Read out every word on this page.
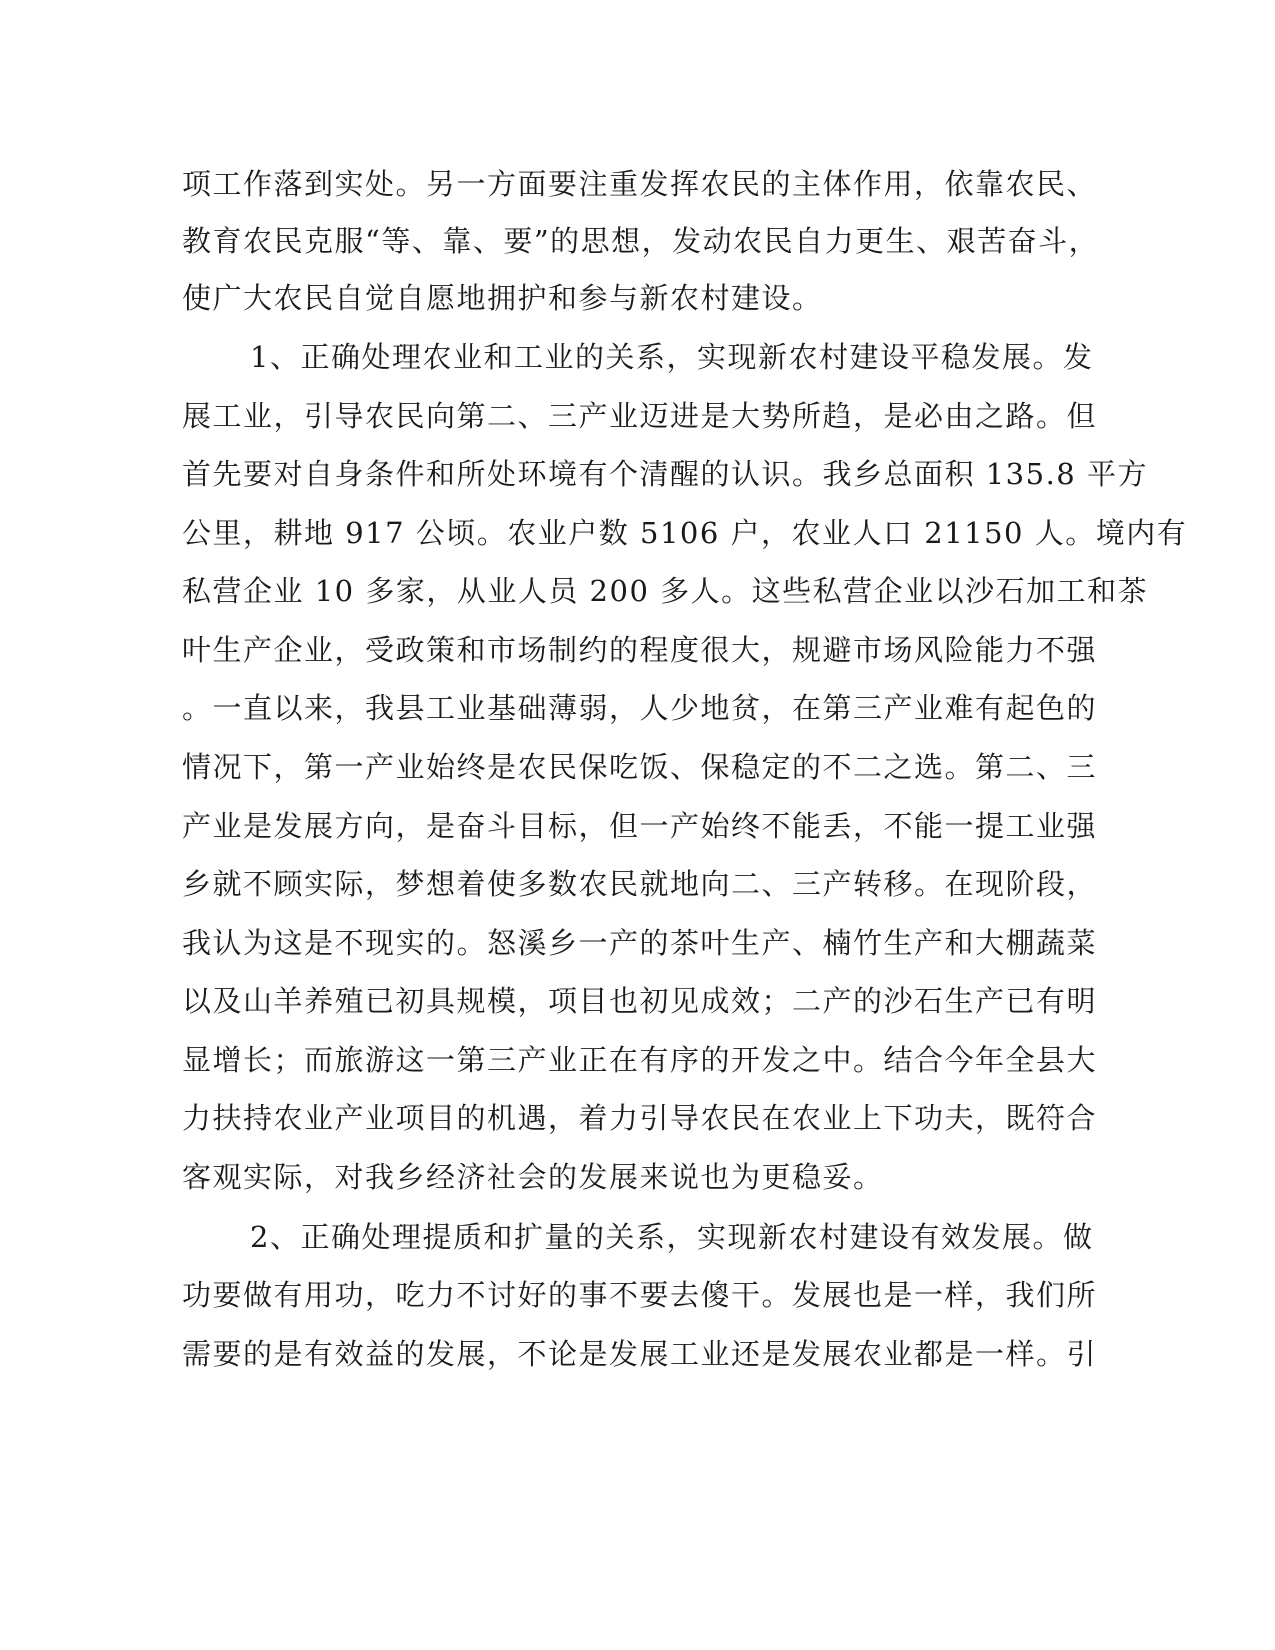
项工作落到实处。另一方面要注重发挥农民的主体作用，依靠农民、
教育农民克服“等、靠、要”的思想，发动农民自力更生、艰苦奋斗，
使广大农民自觉自愿地拥护和参与新农村建设。
1、正确处理农业和工业的关系，实现新农村建设平稳发展。发
展工业，引导农民向第二、三产业迈进是大势所趋，是必由之路。但
首先要对自身条件和所处环境有个清醒的认识。我乡总面积 135.8 平方
公里，耕地 917 公顷。农业户数 5106 户，农业人口 21150 人。境内有
私营企业 10 多家，从业人员 200 多人。这些私营企业以沙石加工和茶
叶生产企业，受政策和市场制约的程度很大，规避市场风险能力不强
。一直以来，我县工业基础薄弱，人少地贫，在第三产业难有起色的
情况下，第一产业始终是农民保吃饭、保稳定的不二之选。第二、三
产业是发展方向，是奋斗目标，但一产始终不能丢，不能一提工业强
乡就不顾实际，梦想着使多数农民就地向二、三产转移。在现阶段，
我认为这是不现实的。怒溪乡一产的茶叶生产、楠竹生产和大棚蔬菜
以及山羊养殖已初具规模，项目也初见成效；二产的沙石生产已有明
显增长；而旅游这一第三产业正在有序的开发之中。结合今年全县大
力扶持农业产业项目的机遇，着力引导农民在农业上下功夫，既符合
客观实际，对我乡经济社会的发展来说也为更稳妥。
2、正确处理提质和扩量的关系，实现新农村建设有效发展。做
功要做有用功，吃力不讨好的事不要去傻干。发展也是一样，我们所
需要的是有效益的发展，不论是发展工业还是发展农业都是一样。引
